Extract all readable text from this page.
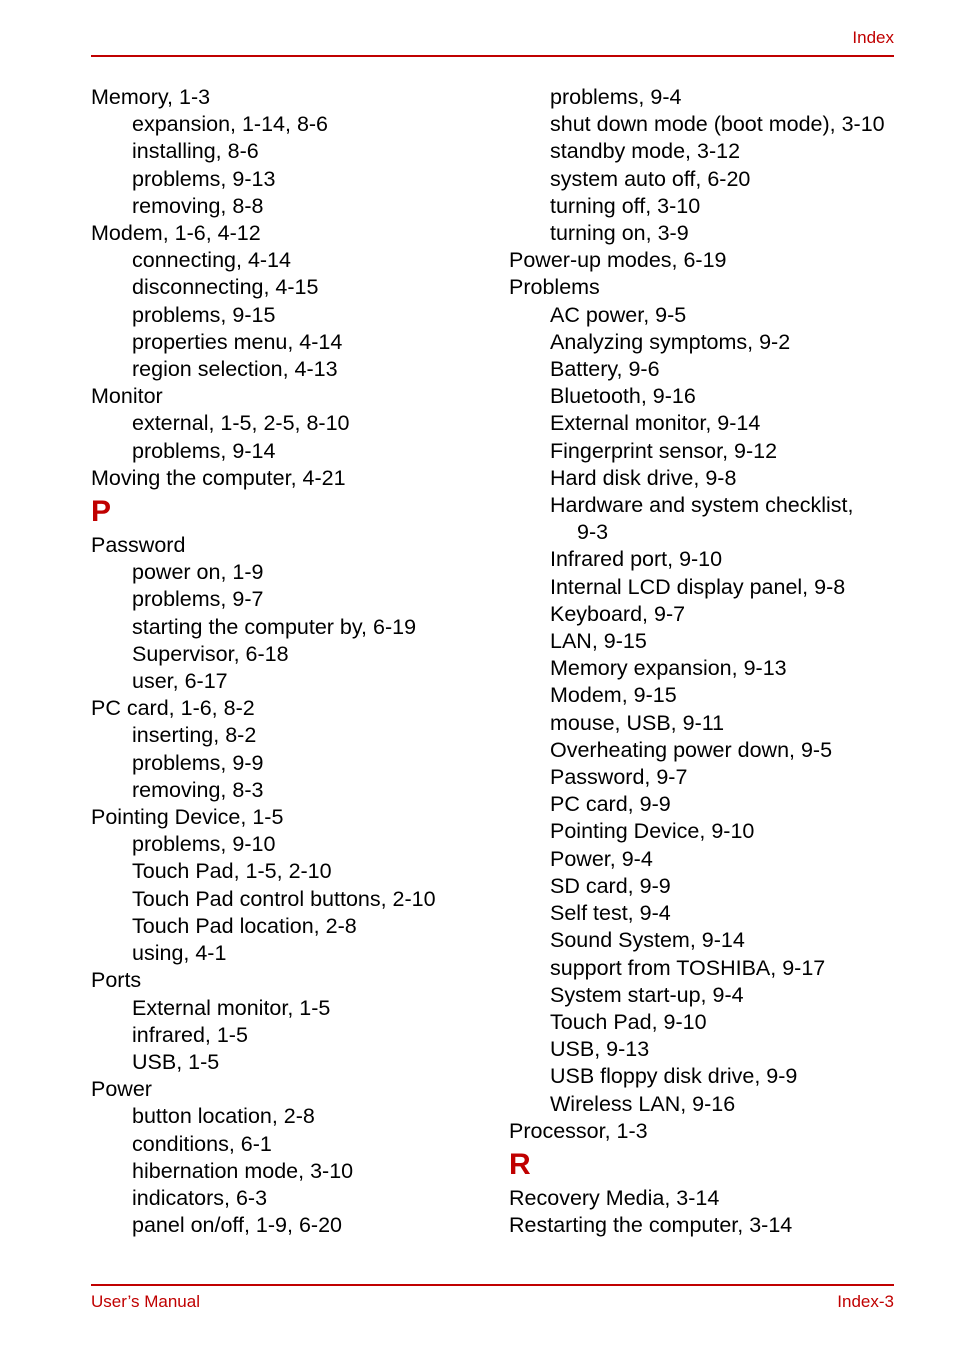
Index
Memory, 1-3
expansion, 1-14, 8-6
installing, 8-6
problems, 9-13
removing, 8-8
Modem, 1-6, 4-12
connecting, 4-14
disconnecting, 4-15
problems, 9-15
properties menu, 4-14
region selection, 4-13
Monitor
external, 1-5, 2-5, 8-10
problems, 9-14
Moving the computer, 4-21
P
Password
power on, 1-9
problems, 9-7
starting the computer by, 6-19
Supervisor, 6-18
user, 6-17
PC card, 1-6, 8-2
inserting, 8-2
problems, 9-9
removing, 8-3
Pointing Device, 1-5
problems, 9-10
Touch Pad, 1-5, 2-10
Touch Pad control buttons, 2-10
Touch Pad location, 2-8
using, 4-1
Ports
External monitor, 1-5
infrared, 1-5
USB, 1-5
Power
button location, 2-8
conditions, 6-1
hibernation mode, 3-10
indicators, 6-3
panel on/off, 1-9, 6-20
problems, 9-4
shut down mode (boot mode), 3-10
standby mode, 3-12
system auto off, 6-20
turning off, 3-10
turning on, 3-9
Power-up modes, 6-19
Problems
AC power, 9-5
Analyzing symptoms, 9-2
Battery, 9-6
Bluetooth, 9-16
External monitor, 9-14
Fingerprint sensor, 9-12
Hard disk drive, 9-8
Hardware and system checklist,
9-3
Infrared port, 9-10
Internal LCD display panel, 9-8
Keyboard, 9-7
LAN, 9-15
Memory expansion, 9-13
Modem, 9-15
mouse, USB, 9-11
Overheating power down, 9-5
Password, 9-7
PC card, 9-9
Pointing Device, 9-10
Power, 9-4
SD card, 9-9
Self test, 9-4
Sound System, 9-14
support from TOSHIBA, 9-17
System start-up, 9-4
Touch Pad, 9-10
USB, 9-13
USB floppy disk drive, 9-9
Wireless LAN, 9-16
Processor, 1-3
R
Recovery Media, 3-14
Restarting the computer, 3-14
User’s Manual	Index-3
